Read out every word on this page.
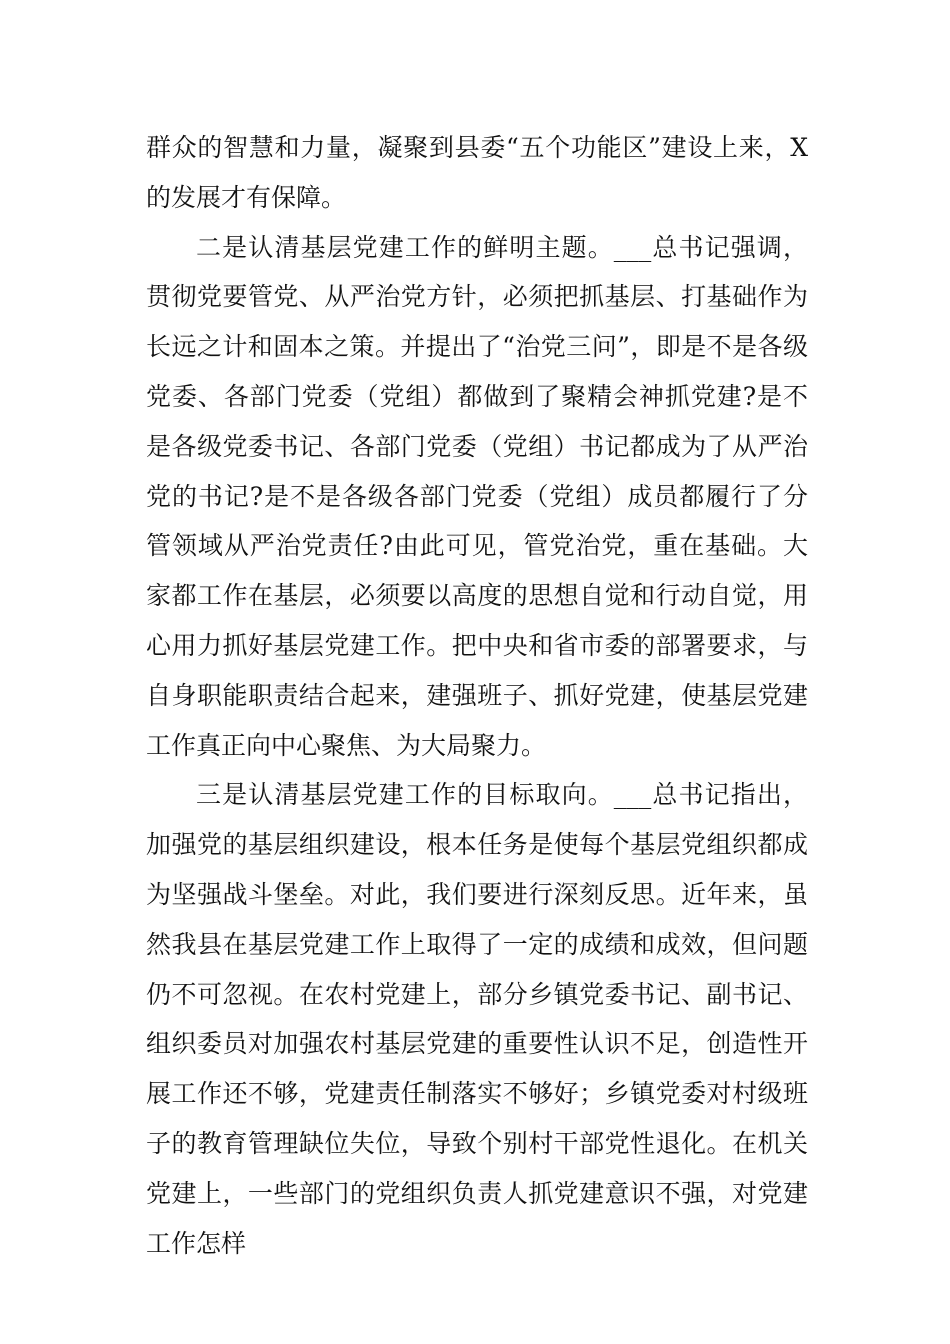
群众的智慧和力量，凝聚到县委“五个功能区”建设上来，X的发展才有保障。

二是认清基层党建工作的鲜明主题。___总书记强调，贯彻党要管党、从严治党方针，必须把抓基层、打基础作为长远之计和固本之策。并提出了“治党三问”，即是不是各级党委、各部门党委（党组）都做到了聚精会神抓党建?是不是各级党委书记、各部门党委（党组）书记都成为了从严治党的书记?是不是各级各部门党委（党组）成员都履行了分管领域从严治党责任?由此可见，管党治党，重在基础。大家都工作在基层，必须要以高度的思想自觉和行动自觉，用心用力抓好基层党建工作。把中央和省市委的部署要求，与自身职能职责结合起来，建强班子、抓好党建，使基层党建工作真正向中心聚焦、为大局聚力。

三是认清基层党建工作的目标取向。___总书记指出，加强党的基层组织建设，根本任务是使每个基层党组织都成为坚强战斗堡垒。对此，我们要进行深刻反思。近年来，虽然我县在基层党建工作上取得了一定的成绩和成效，但问题仍不可忽视。在农村党建上，部分乡镇党委书记、副书记、组织委员对加强农村基层党建的重要性认识不足，创造性开展工作还不够，党建责任制落实不够好；乡镇党委对村级班子的教育管理缺位失位，导致个别村干部党性退化。在机关党建上，一些部门的党组织负责人抓党建意识不强，对党建工作怎样
